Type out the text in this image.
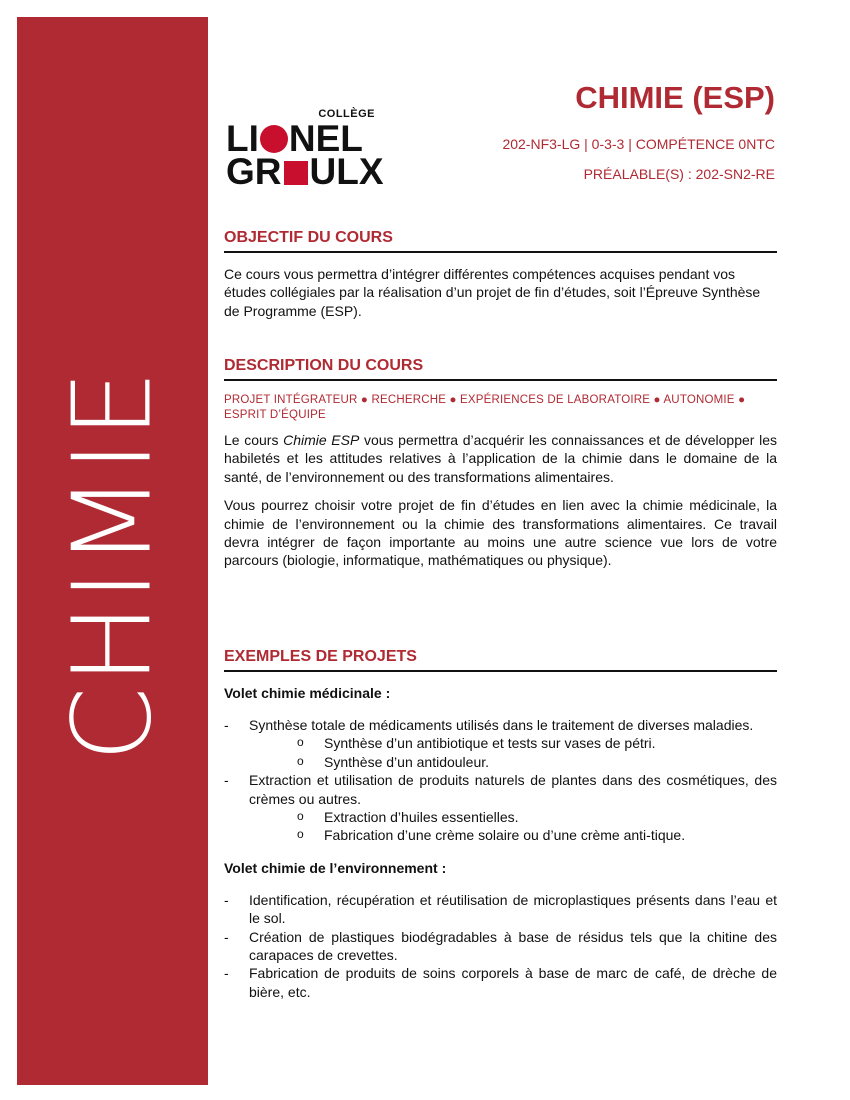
CHIMIE
COLLÈGE
LI NEL
GR ULX
CHIMIE (ESP)
202-NF3-LG | 0-3-3 | COMPÉTENCE 0NTC
PRÉALABLE(S) : 202-SN2-RE
OBJECTIF DU COURS

Ce cours vous permettra d’intégrer différentes compétences acquises pendant vos études collégiales par la réalisation d’un projet de fin d’études, soit l’Épreuve Synthèse de Programme (ESP).

DESCRIPTION DU COURS

PROJET INTÉGRATEUR ● RECHERCHE ● EXPÉRIENCES DE LABORATOIRE ● AUTONOMIE ● ESPRIT D’ÉQUIPE

Le cours Chimie ESP vous permettra d’acquérir les connaissances et de développer les habiletés et les attitudes relatives à l’application de la chimie dans le domaine de la santé, de l’environnement ou des transformations alimentaires.

Vous pourrez choisir votre projet de fin d’études en lien avec la chimie médicinale, la chimie de l’environnement ou la chimie des transformations alimentaires. Ce travail devra intégrer de façon importante au moins une autre science vue lors de votre parcours (biologie, informatique, mathématiques ou physique).

EXEMPLES DE PROJETS

Volet chimie médicinale :

- Synthèse totale de médicaments utilisés dans le traitement de diverses maladies.
o Synthèse d’un antibiotique et tests sur vases de pétri.
o Synthèse d’un antidouleur.
- Extraction et utilisation de produits naturels de plantes dans des cosmétiques, des crèmes ou autres.
o Extraction d’huiles essentielles.
o Fabrication d’une crème solaire ou d’une crème anti-tique.

Volet chimie de l’environnement :

- Identification, récupération et réutilisation de microplastiques présents dans l’eau et le sol.
- Création de plastiques biodégradables à base de résidus tels que la chitine des carapaces de crevettes.
- Fabrication de produits de soins corporels à base de marc de café, de drèche de bière, etc.
